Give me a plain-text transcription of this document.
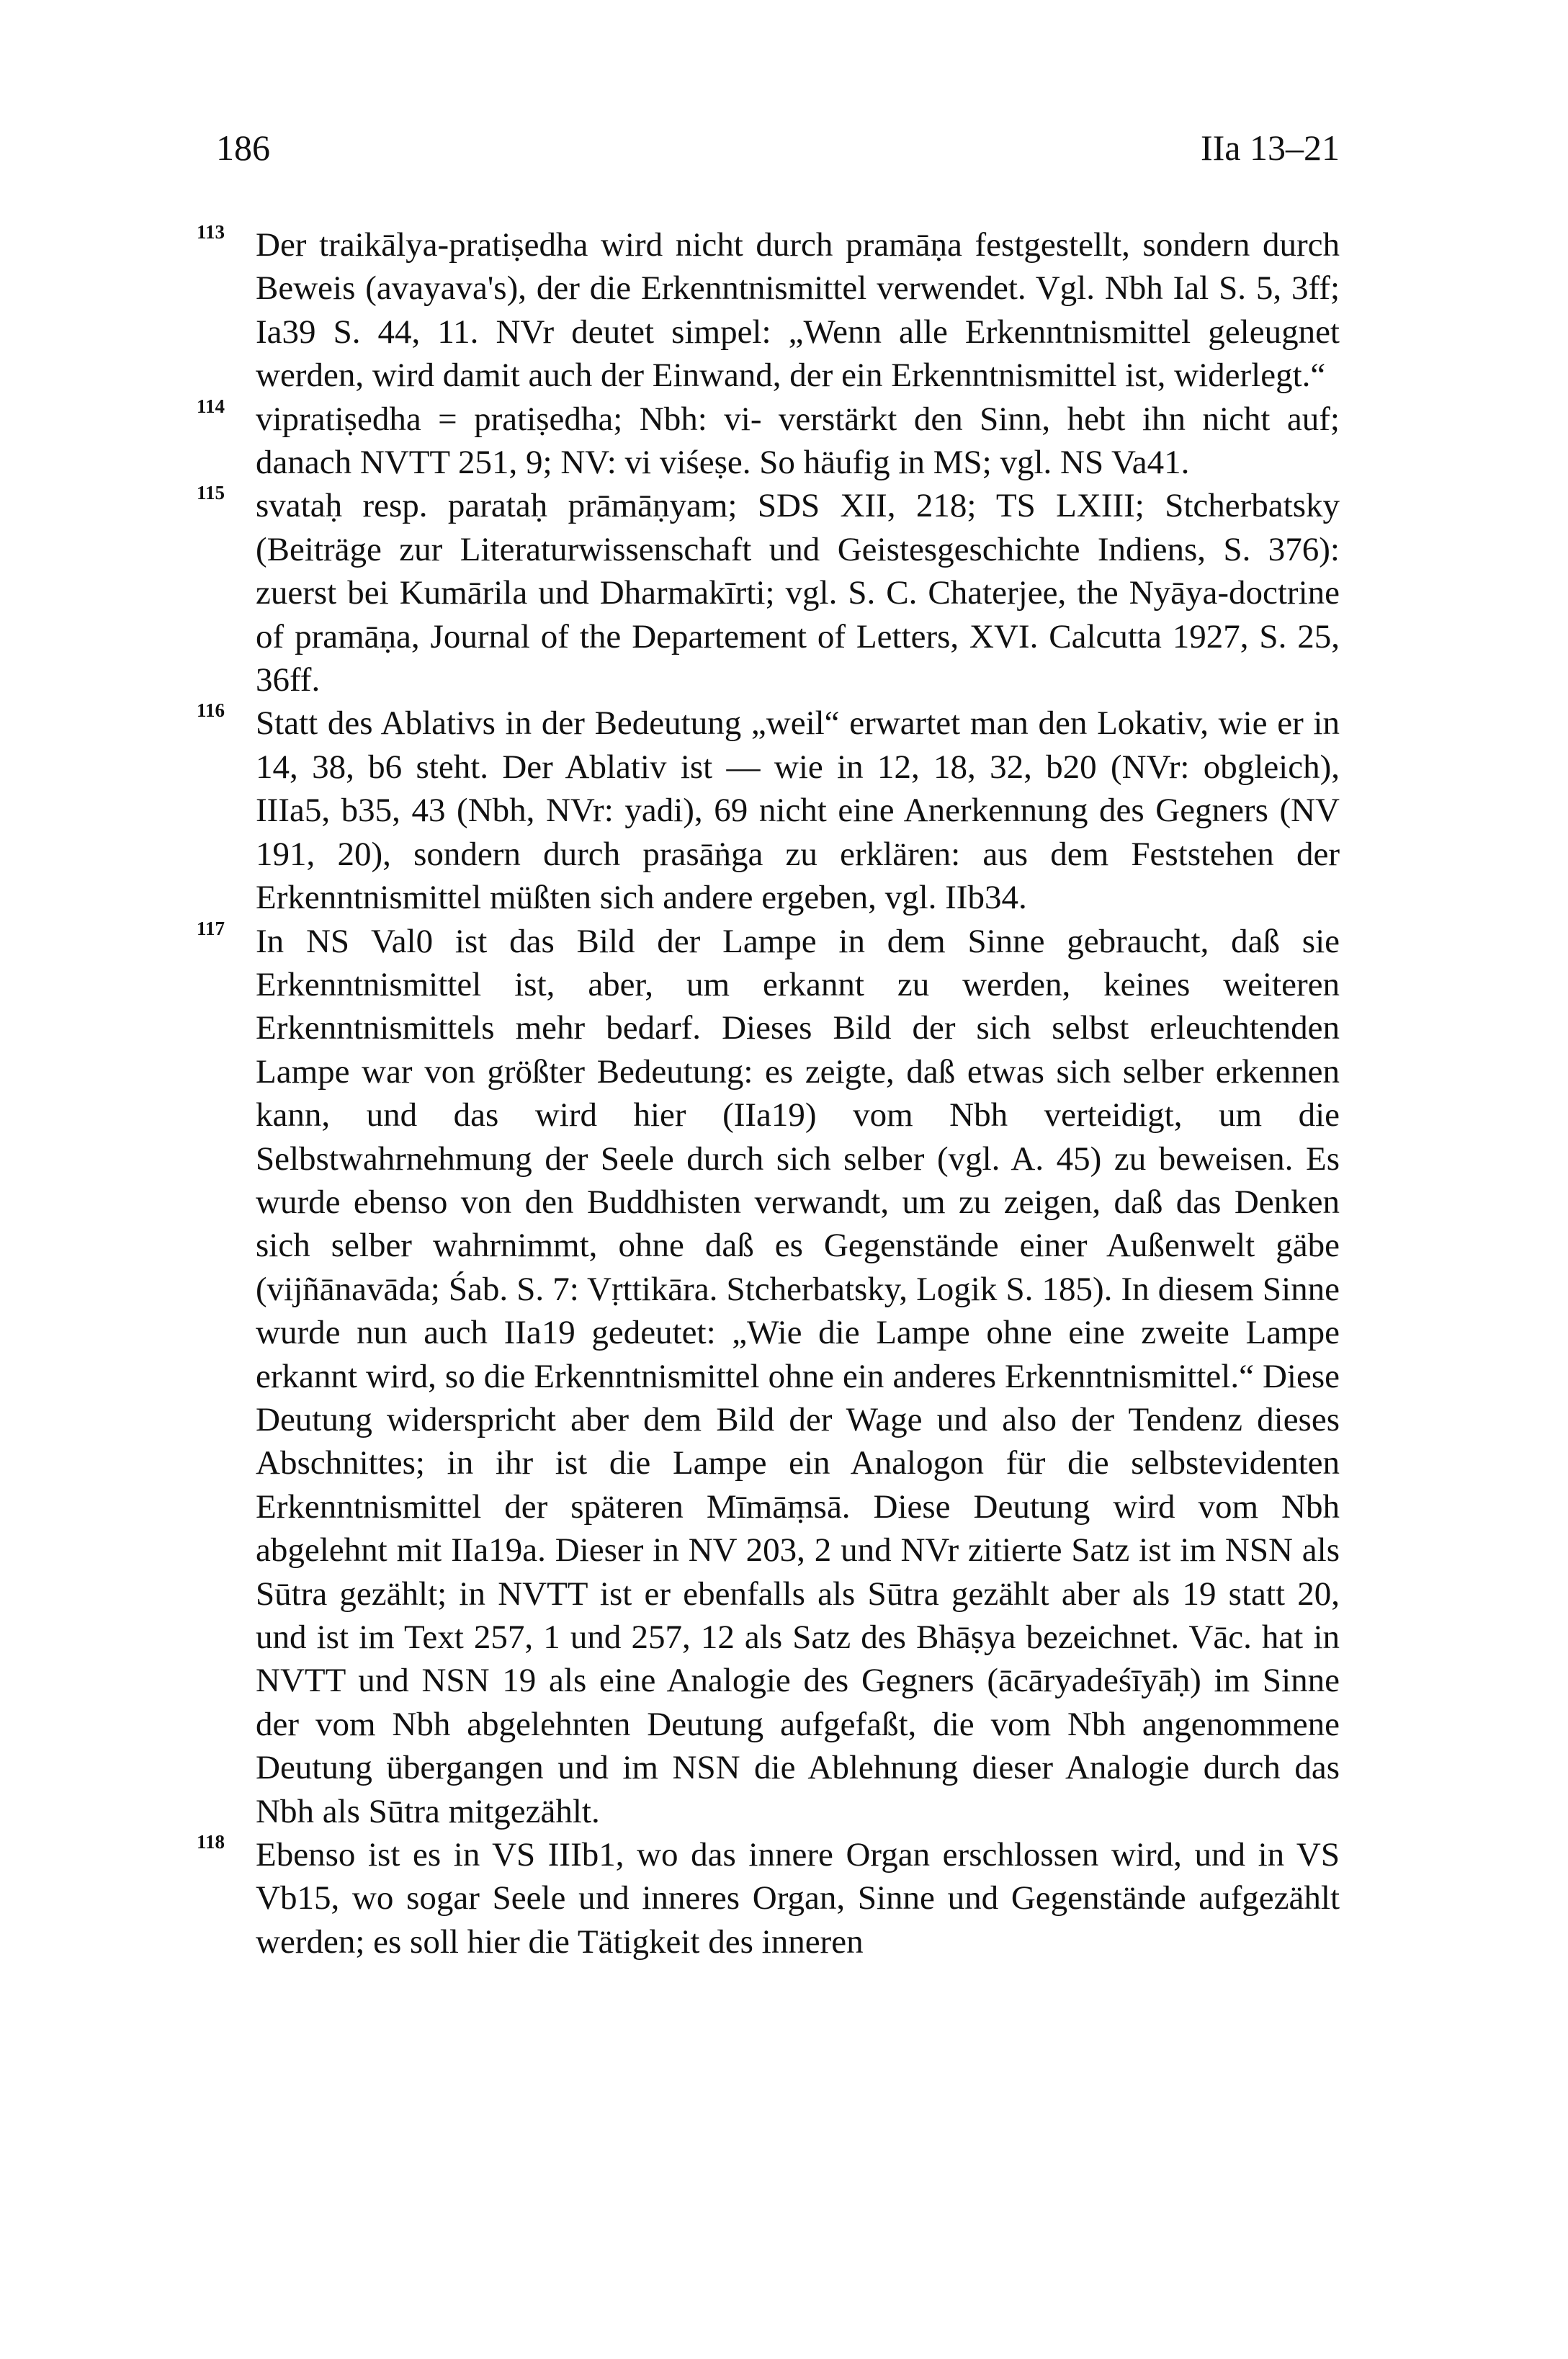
186	IIa 13–21
113 Der traikālya-pratiṣedha wird nicht durch pramāṇa festgestellt, sondern durch Beweis (avayava's), der die Erkenntnismittel verwendet. Vgl. Nbh Ial S. 5, 3ff; Ia39 S. 44, 11. NVr deutet simpel: „Wenn alle Erkenntnismittel geleugnet werden, wird damit auch der Einwand, der ein Erkenntnismittel ist, widerlegt.“
114 vipratiṣedha = pratiṣedha; Nbh: vi- verstärkt den Sinn, hebt ihn nicht auf; danach NVTT 251, 9; NV: vi viśeṣe. So häufig in MS; vgl. NS Va41.
115 svataḥ resp. parataḥ prāmāṇyam; SDS XII, 218; TS LXIII; Stcherbatsky (Beiträge zur Literaturwissenschaft und Geistesgeschichte Indiens, S. 376): zuerst bei Kumārila und Dharmakīrti; vgl. S. C. Chaterjee, the Nyāya-doctrine of pramāṇa, Journal of the Departement of Letters, XVI. Calcutta 1927, S. 25, 36ff.
116 Statt des Ablativs in der Bedeutung „weil“ erwartet man den Lokativ, wie er in 14, 38, b6 steht. Der Ablativ ist — wie in 12, 18, 32, b20 (NVr: obgleich), IIIa5, b35, 43 (Nbh, NVr: yadi), 69 nicht eine Anerkennung des Gegners (NV 191, 20), sondern durch prasāṅga zu erklären: aus dem Feststehen der Erkenntnismittel müßten sich andere ergeben, vgl. IIb34.
117 In NS Val0 ist das Bild der Lampe in dem Sinne gebraucht, daß sie Erkenntnismittel ist, aber, um erkannt zu werden, keines weiteren Erkenntnismittels mehr bedarf. Dieses Bild der sich selbst erleuchtenden Lampe war von größter Bedeutung: es zeigte, daß etwas sich selber erkennen kann, und das wird hier (IIa19) vom Nbh verteidigt, um die Selbstwahrnehmung der Seele durch sich selber (vgl. A. 45) zu beweisen. Es wurde ebenso von den Buddhisten verwandt, um zu zeigen, daß das Denken sich selber wahrnimmt, ohne daß es Gegenstände einer Außenwelt gäbe (vijñānavāda; Śab. S. 7: Vṛttikāra. Stcherbatsky, Logik S. 185). In diesem Sinne wurde nun auch IIa19 gedeutet: „Wie die Lampe ohne eine zweite Lampe erkannt wird, so die Erkenntnismittel ohne ein anderes Erkenntnismittel.“ Diese Deutung widerspricht aber dem Bild der Wage und also der Tendenz dieses Abschnittes; in ihr ist die Lampe ein Analogon für die selbstevidenten Erkenntnismittel der späteren Mīmāṃsā. Diese Deutung wird vom Nbh abgelehnt mit IIa19a. Dieser in NV 203, 2 und NVr zitierte Satz ist im NSN als Sūtra gezählt; in NVTT ist er ebenfalls als Sūtra gezählt aber als 19 statt 20, und ist im Text 257, 1 und 257, 12 als Satz des Bhāṣya bezeichnet. Vāc. hat in NVTT und NSN 19 als eine Analogie des Gegners (ācāryadeśīyāḥ) im Sinne der vom Nbh abgelehnten Deutung aufgefaßt, die vom Nbh angenommene Deutung übergangen und im NSN die Ablehnung dieser Analogie durch das Nbh als Sūtra mitgezählt.
118 Ebenso ist es in VS IIIb1, wo das innere Organ erschlossen wird, und in VS Vb15, wo sogar Seele und inneres Organ, Sinne und Gegenstände aufgezählt werden; es soll hier die Tätigkeit des inneren
